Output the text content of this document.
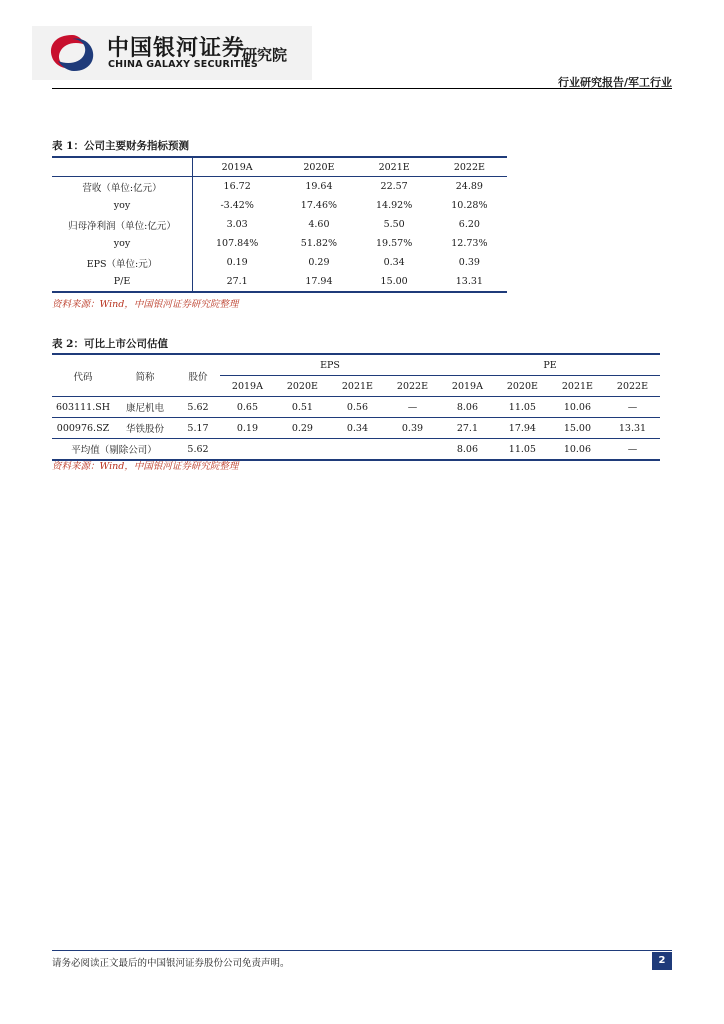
中国银河证券
CHINA GALAXY SECURITIES
研究院
行业研究报告/军工行业
表 1：公司主要财务指标预测
	2019A	2020E	2021E	2022E
营收（单位:亿元）	16.72	19.64	22.57	24.89
yoy	-3.42%	17.46%	14.92%	10.28%
归母净利润（单位:亿元）	3.03	4.60	5.50	6.20
yoy	107.84%	51.82%	19.57%	12.73%
EPS（单位:元）	0.19	0.29	0.34	0.39
P/E	27.1	17.94	15.00	13.31
资料来源：Wind，中国银河证券研究院整理
表 2：可比上市公司估值
代码	简称	股价	EPS				PE			
			2019A	2020E	2021E	2022E	2019A	2020E	2021E	2022E
603111.SH	康尼机电	5.62	0.65	0.51	0.56	—	8.06	11.05	10.06	—
000976.SZ	华铁股份	5.17	0.19	0.29	0.34	0.39	27.1	17.94	15.00	13.31
平均值（剔除公司）		5.62					8.06	11.05	10.06	—
资料来源：Wind，中国银河证券研究院整理
请务必阅读正文最后的中国银河证券股份公司免责声明。	2
